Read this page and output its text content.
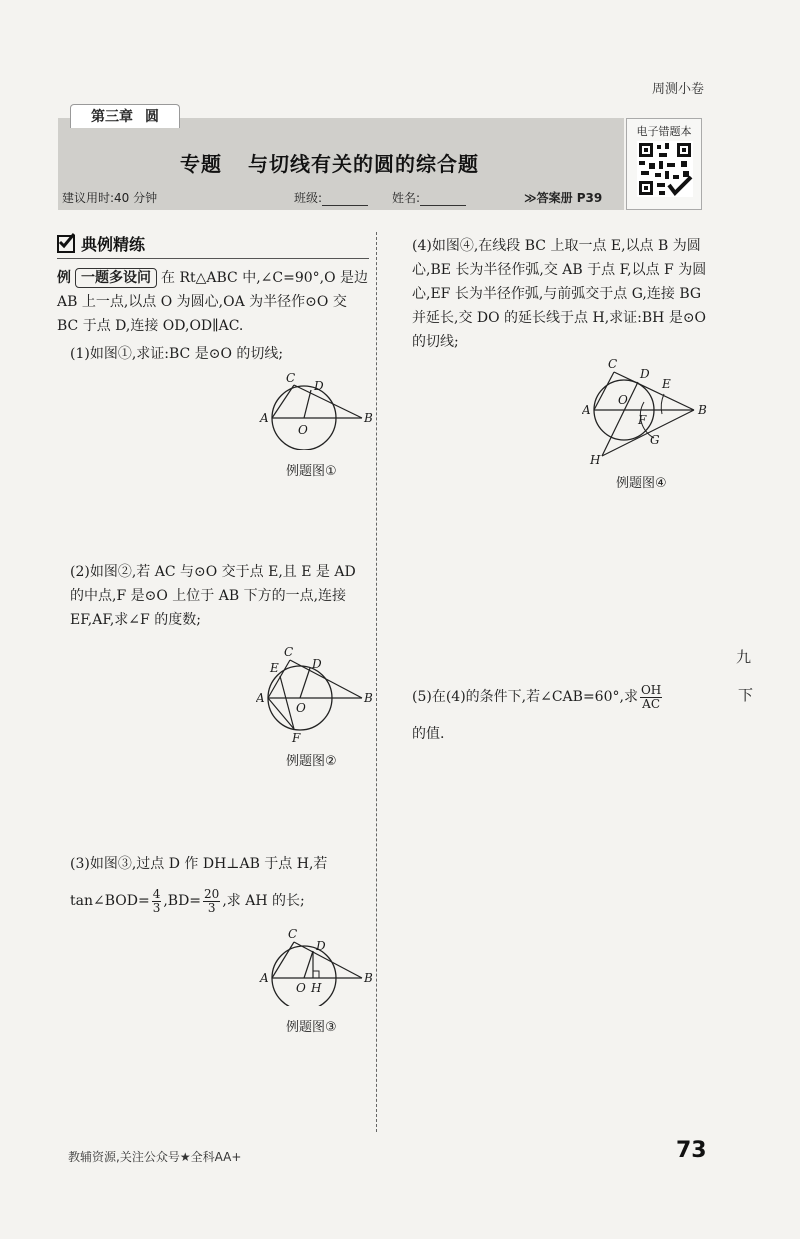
周测小卷
第三章 圆
专题 与切线有关的圆的综合题
建议用时:40 分钟	班级:	姓名:	≫答案册 P39
电子错题本
典例精练
例 一题多设问 在 Rt△ABC 中,∠C=90°,O 是边 AB 上一点,以点 O 为圆心,OA 为半径作⊙O 交 BC 于点 D,连接 OD,OD∥AC.
(1)如图①,求证:BC 是⊙O 的切线;
A	B
C
D
O
例题图①
(2)如图②,若 AC 与⊙O 交于点 E,且 E 是 AD 的中点,F 是⊙O 上位于 AB 下方的一点,连接 EF,AF,求∠F 的度数;
A	B
C
D
E
F
O
例题图②
(3)如图③,过点 D 作 DH⊥AB 于点 H,若
tan∠BOD= $\frac{4}{3} ,BD= \frac{20}{3}$ ,求 AH 的长;
A	B
C
D
O H
例题图③
(4)如图④,在线段 BC 上取一点 E,以点 B 为圆心,BE 长为半径作弧,交 AB 于点 F,以点 F 为圆心,EF 长为半径作弧,与前弧交于点 G,连接 BG 并延长,交 DO 的延长线于点 H,求证:BH 是⊙O 的切线;
A	B
C
D
E
F
G
H
O
例题图④
(5)在(4)的条件下,若∠CAB=60°,求 $\frac{OH}{AC}$
的值.
九
下
教辅资源,关注公众号★全科AA+	73
